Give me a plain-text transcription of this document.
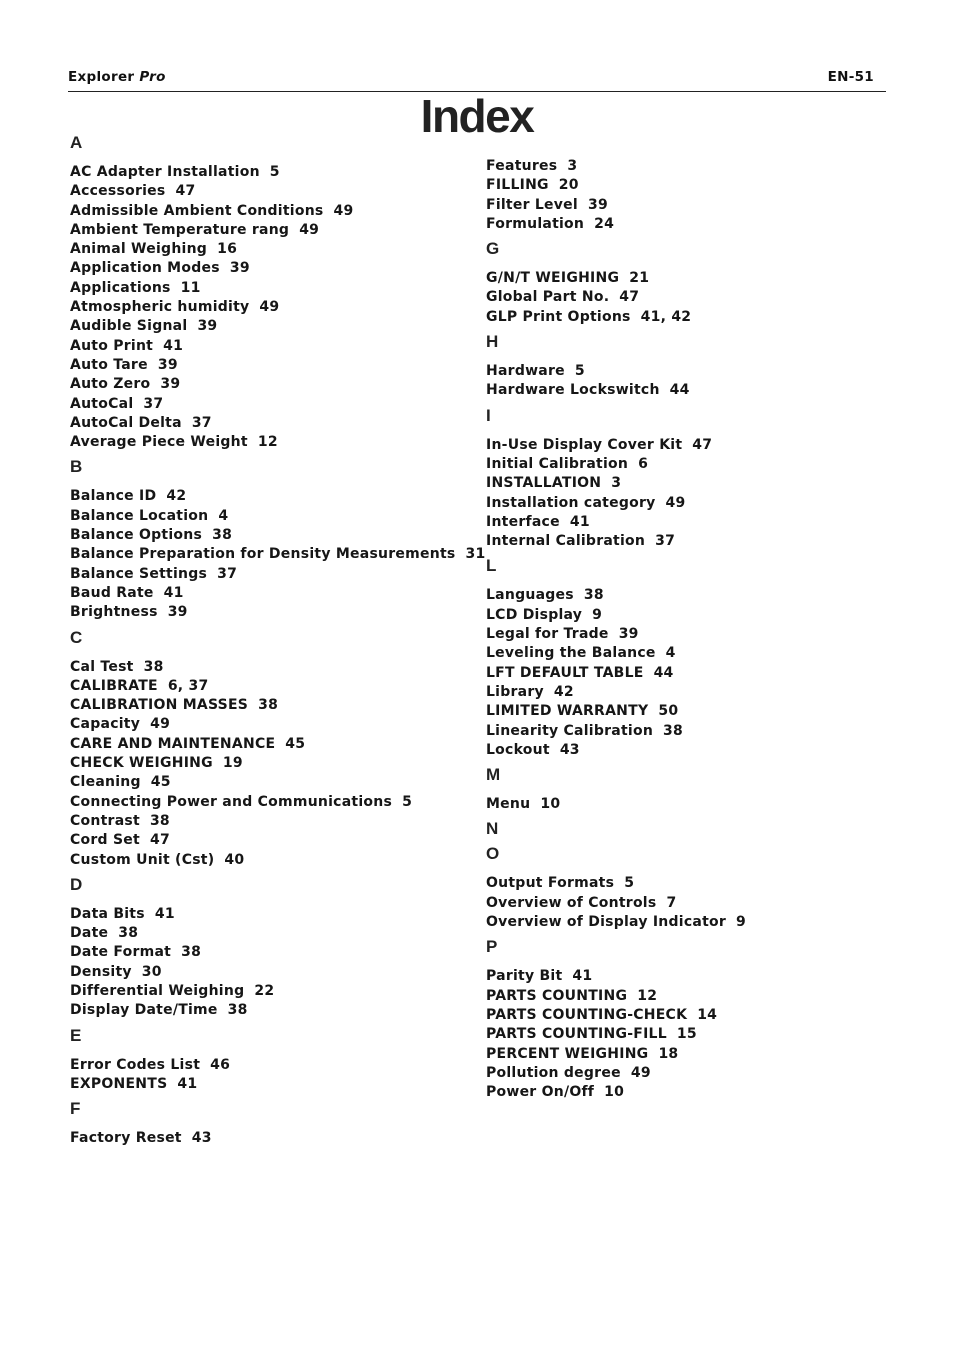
Explorer Pro	EN-51
Index
A
AC Adapter Installation 5
Accessories 47
Admissible Ambient Conditions 49
Ambient Temperature rang 49
Animal Weighing 16
Application Modes 39
Applications 11
Atmospheric humidity 49
Audible Signal 39
Auto Print 41
Auto Tare 39
Auto Zero 39
AutoCal 37
AutoCal Delta 37
Average Piece Weight 12
B
Balance ID 42
Balance Location 4
Balance Options 38
Balance Preparation for Density Measurements 31
Balance Settings 37
Baud Rate 41
Brightness 39
C
Cal Test 38
CALIBRATE 6, 37
CALIBRATION MASSES 38
Capacity 49
CARE AND MAINTENANCE 45
CHECK WEIGHING 19
Cleaning 45
Connecting Power and Communications 5
Contrast 38
Cord Set 47
Custom Unit (Cst) 40
D
Data Bits 41
Date 38
Date Format 38
Density 30
Differential Weighing 22
Display Date/Time 38
E
Error Codes List 46
EXPONENTS 41
F
Factory Reset 43
Features 3
FILLING 20
Filter Level 39
Formulation 24
G
G/N/T WEIGHING 21
Global Part No. 47
GLP Print Options 41, 42
H
Hardware 5
Hardware Lockswitch 44
I
In-Use Display Cover Kit 47
Initial Calibration 6
INSTALLATION 3
Installation category 49
Interface 41
Internal Calibration 37
L
Languages 38
LCD Display 9
Legal for Trade 39
Leveling the Balance 4
LFT DEFAULT TABLE 44
Library 42
LIMITED WARRANTY 50
Linearity Calibration 38
Lockout 43
M
Menu 10
N
O
Output Formats 5
Overview of Controls 7
Overview of Display Indicator 9
P
Parity Bit 41
PARTS COUNTING 12
PARTS COUNTING-CHECK 14
PARTS COUNTING-FILL 15
PERCENT WEIGHING 18
Pollution degree 49
Power On/Off 10
